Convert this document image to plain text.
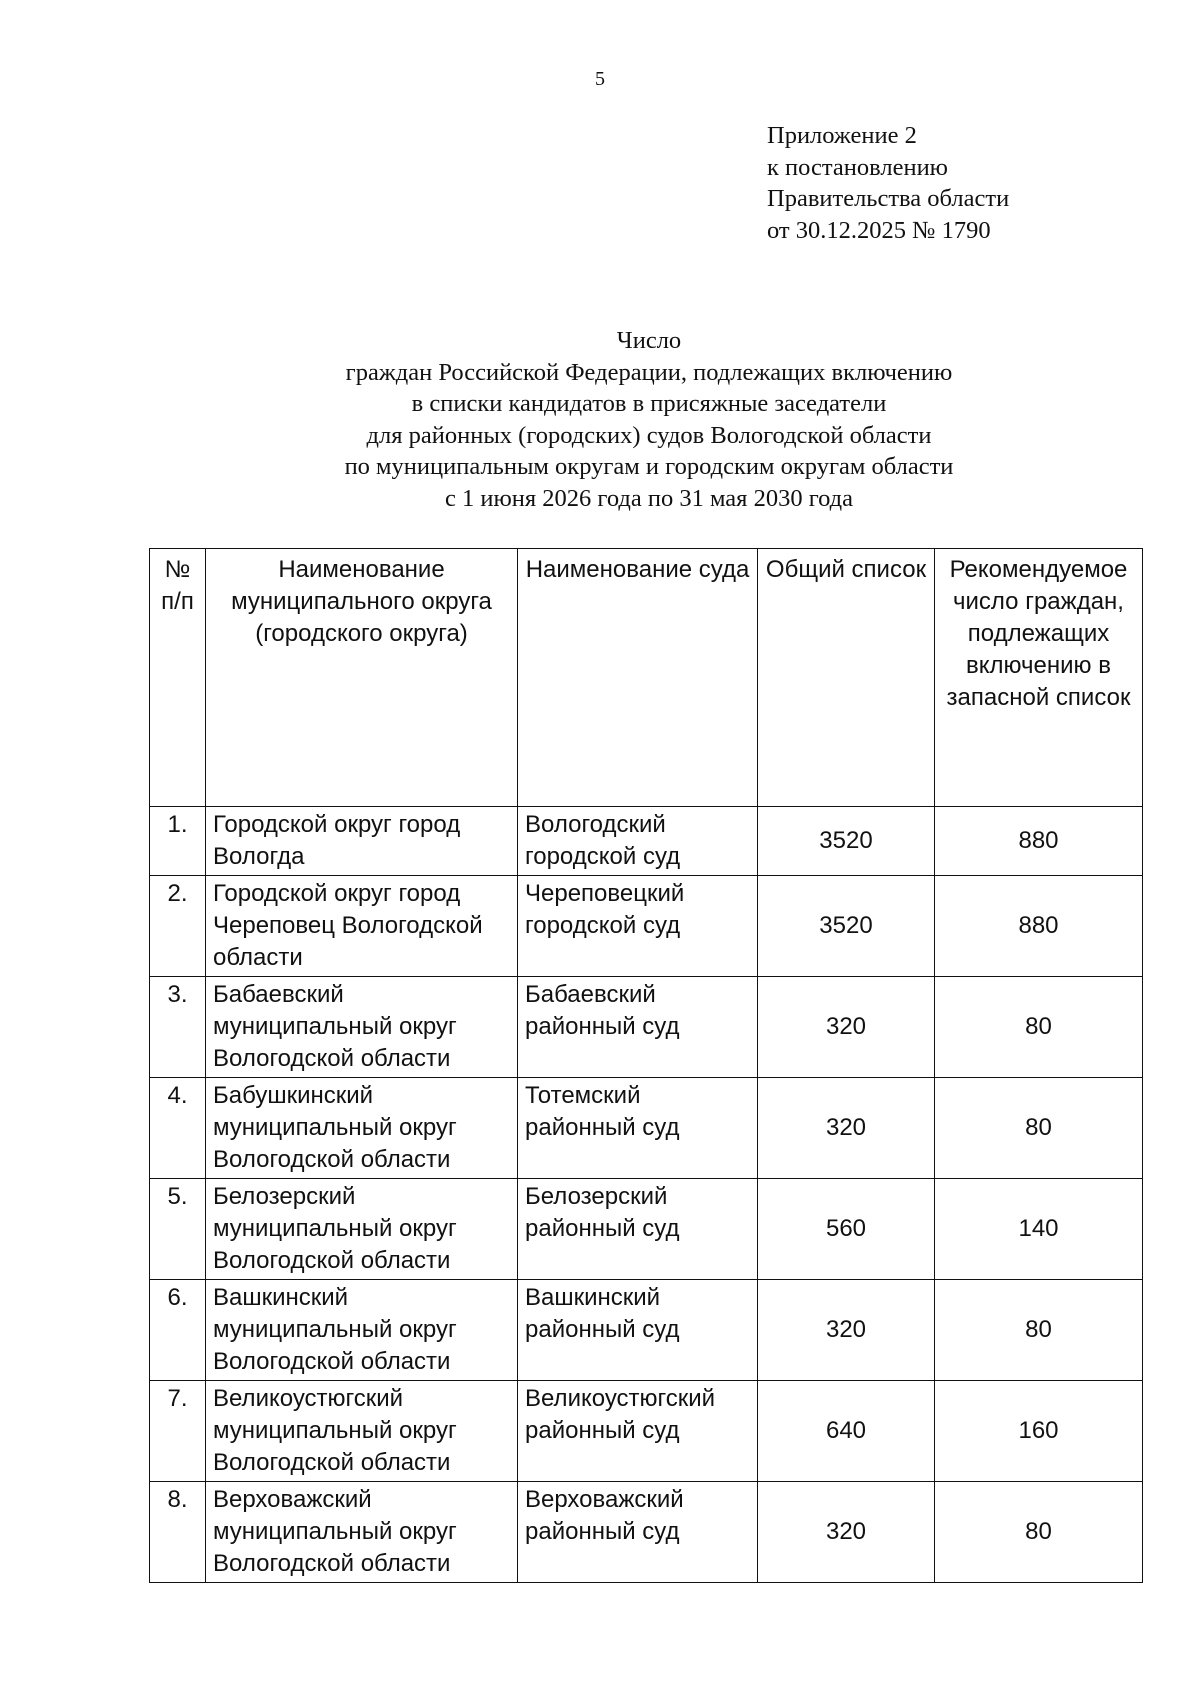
5
Приложение 2
к постановлению
Правительства области
от 30.12.2025 № 1790
Число
граждан Российской Федерации, подлежащих включению
в списки кандидатов в присяжные заседатели
для районных (городских) судов Вологодской области
по муниципальным округам и городским округам области
с 1 июня 2026 года по 31 мая 2030 года
№ п/п	Наименование муниципального округа (городского округа)	Наименование суда	Общий список	Рекомендуемое число граждан, подлежащих включению в запасной список
1.	Городской округ город Вологда	Вологодский городской суд	3520	880
2.	Городской округ город Череповец Вологодской области	Череповецкий городской суд	3520	880
3.	Бабаевский муниципальный округ Вологодской области	Бабаевский районный суд	320	80
4.	Бабушкинский муниципальный округ Вологодской области	Тотемский районный суд	320	80
5.	Белозерский муниципальный округ Вологодской области	Белозерский районный суд	560	140
6.	Вашкинский муниципальный округ Вологодской области	Вашкинский районный суд	320	80
7.	Великоустюгский муниципальный округ Вологодской области	Великоустюгский районный суд	640	160
8.	Верховажский муниципальный округ Вологодской области	Верховажский районный суд	320	80
